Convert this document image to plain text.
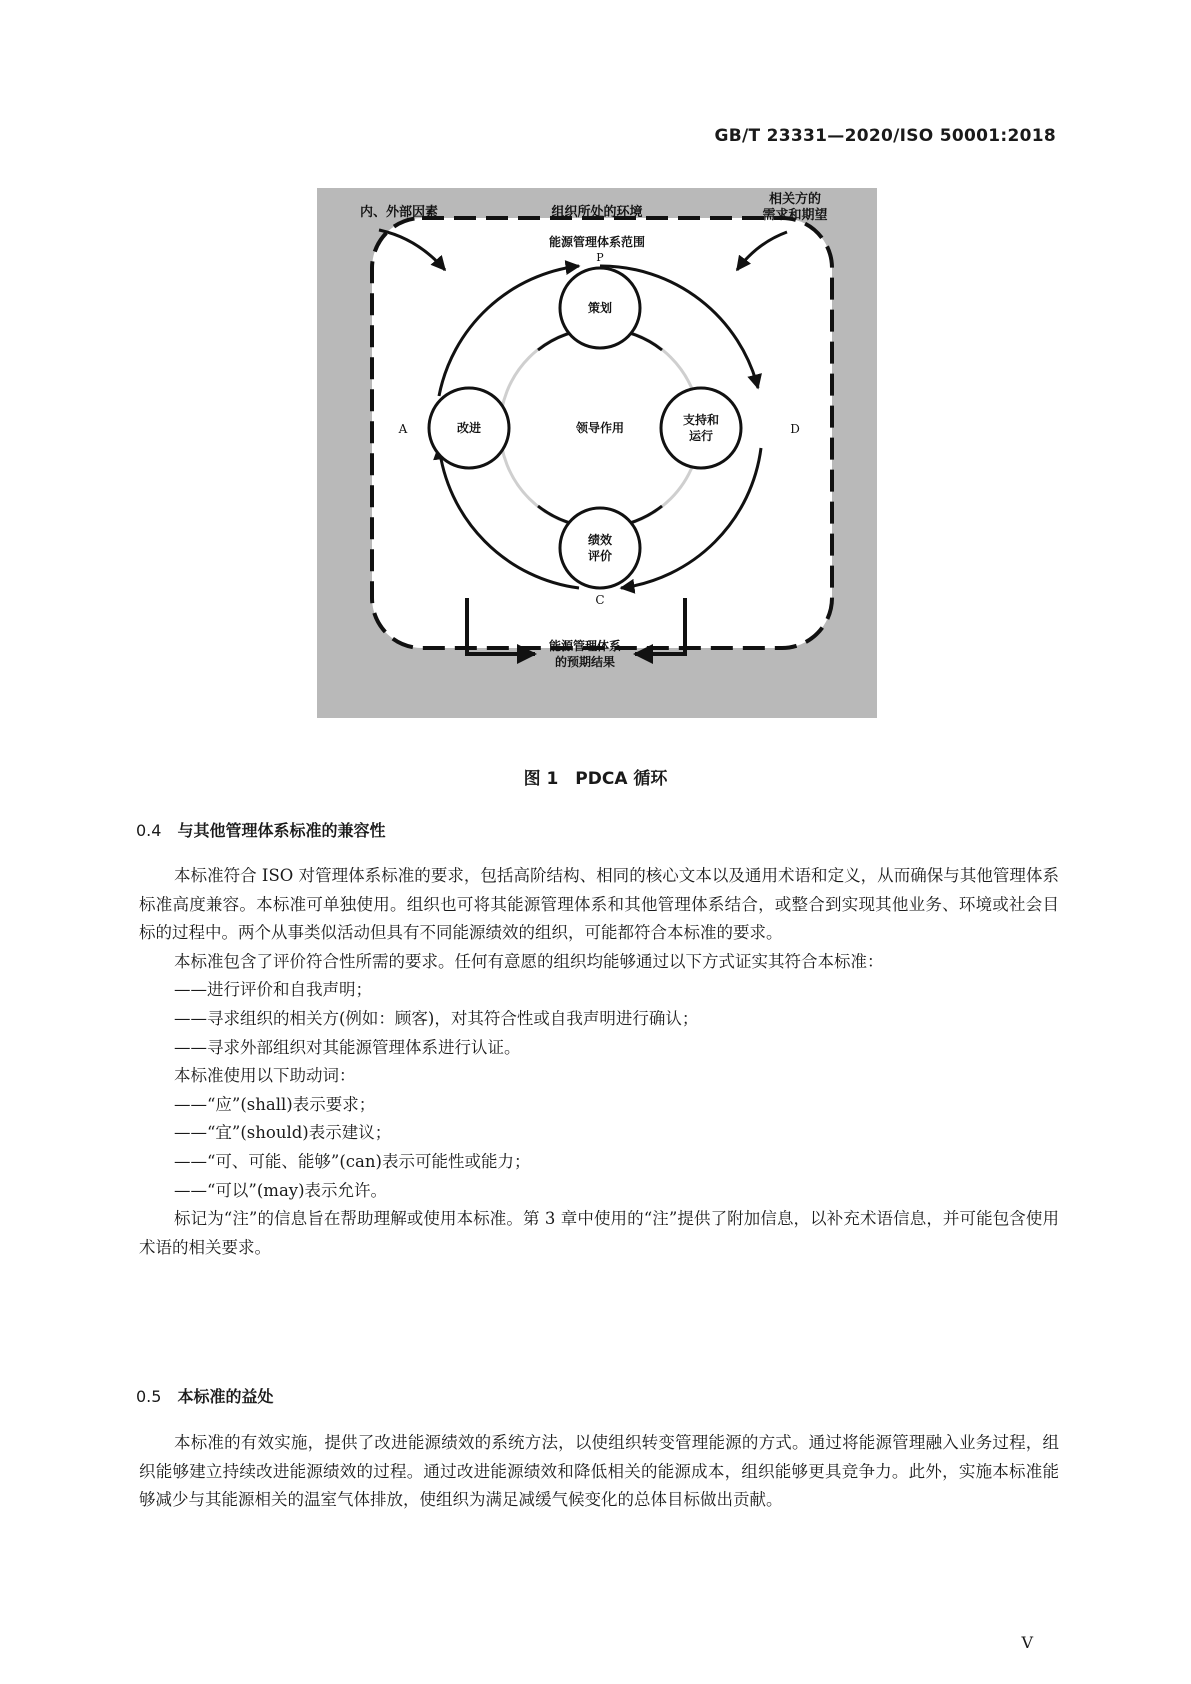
GB/T 23331—2020/ISO 50001:2018
内、外部因素	组织所处的环境
相关方的
需求和期望
能源管理体系范围
P
A	D
C
策划
改进	领导作用
支持和
运行
绩效
评价
能源管理体系
的预期结果
图 1　PDCA 循环
0.4 与其他管理体系标准的兼容性

本标准符合 ISO 对管理体系标准的要求，包括高阶结构、相同的核心文本以及通用术语和定义，从而确保与其他管理体系标准高度兼容。本标准可单独使用。组织也可将其能源管理体系和其他管理体系结合，或整合到实现其他业务、环境或社会目标的过程中。两个从事类似活动但具有不同能源绩效的组织，可能都符合本标准的要求。

本标准包含了评价符合性所需的要求。任何有意愿的组织均能够通过以下方式证实其符合本标准：

——进行评价和自我声明；

——寻求组织的相关方(例如：顾客)，对其符合性或自我声明进行确认；

——寻求外部组织对其能源管理体系进行认证。

本标准使用以下助动词：

——“应”(shall)表示要求；

——“宜”(should)表示建议；

——“可、可能、能够”(can)表示可能性或能力；

——“可以”(may)表示允许。

标记为“注”的信息旨在帮助理解或使用本标准。第 3 章中使用的“注”提供了附加信息，以补充术语信息，并可能包含使用术语的相关要求。

0.5 本标准的益处

本标准的有效实施，提供了改进能源绩效的系统方法，以使组织转变管理能源的方式。通过将能源管理融入业务过程，组织能够建立持续改进能源绩效的过程。通过改进能源绩效和降低相关的能源成本，组织能够更具竞争力。此外，实施本标准能够减少与其能源相关的温室气体排放，使组织为满足减缓气候变化的总体目标做出贡献。

V
